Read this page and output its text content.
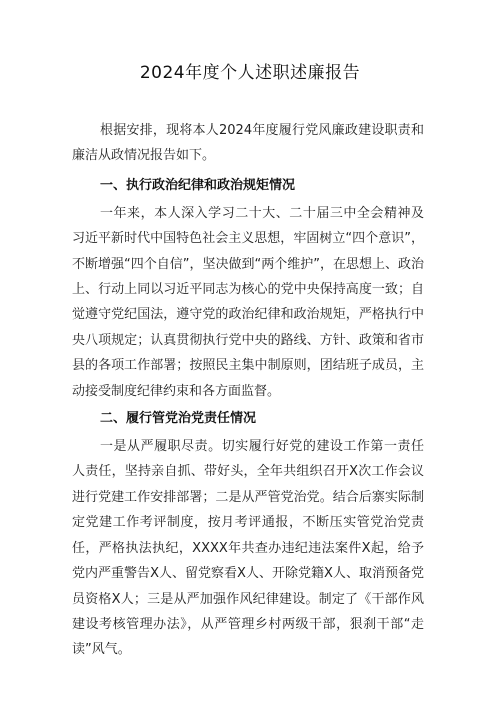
2024年度个人述职述廉报告

根据安排，现将本人2024年度履行党风廉政建设职责和廉洁从政情况报告如下。

一、执行政治纪律和政治规矩情况

一年来，本人深入学习二十大、二十届三中全会精神及习近平新时代中国特色社会主义思想，牢固树立“四个意识”，不断增强“四个自信”，坚决做到“两个维护”，在思想上、政治上、行动上同以习近平同志为核心的党中央保持高度一致；自觉遵守党纪国法，遵守党的政治纪律和政治规矩，严格执行中央八项规定；认真贯彻执行党中央的路线、方针、政策和省市县的各项工作部署；按照民主集中制原则，团结班子成员，主动接受制度纪律约束和各方面监督。

二、履行管党治党责任情况

一是从严履职尽责。切实履行好党的建设工作第一责任人责任，坚持亲自抓、带好头，全年共组织召开X次工作会议进行党建工作安排部署；二是从严管党治党。结合后寨实际制定党建工作考评制度，按月考评通报，不断压实管党治党责任，严格执法执纪，XXXX年共查办违纪违法案件X起，给予党内严重警告X人、留党察看X人、开除党籍X人、取消预备党员资格X人；三是从严加强作风纪律建设。制定了《干部作风建设考核管理办法》，从严管理乡村两级干部，狠刹干部“走读”风气。
